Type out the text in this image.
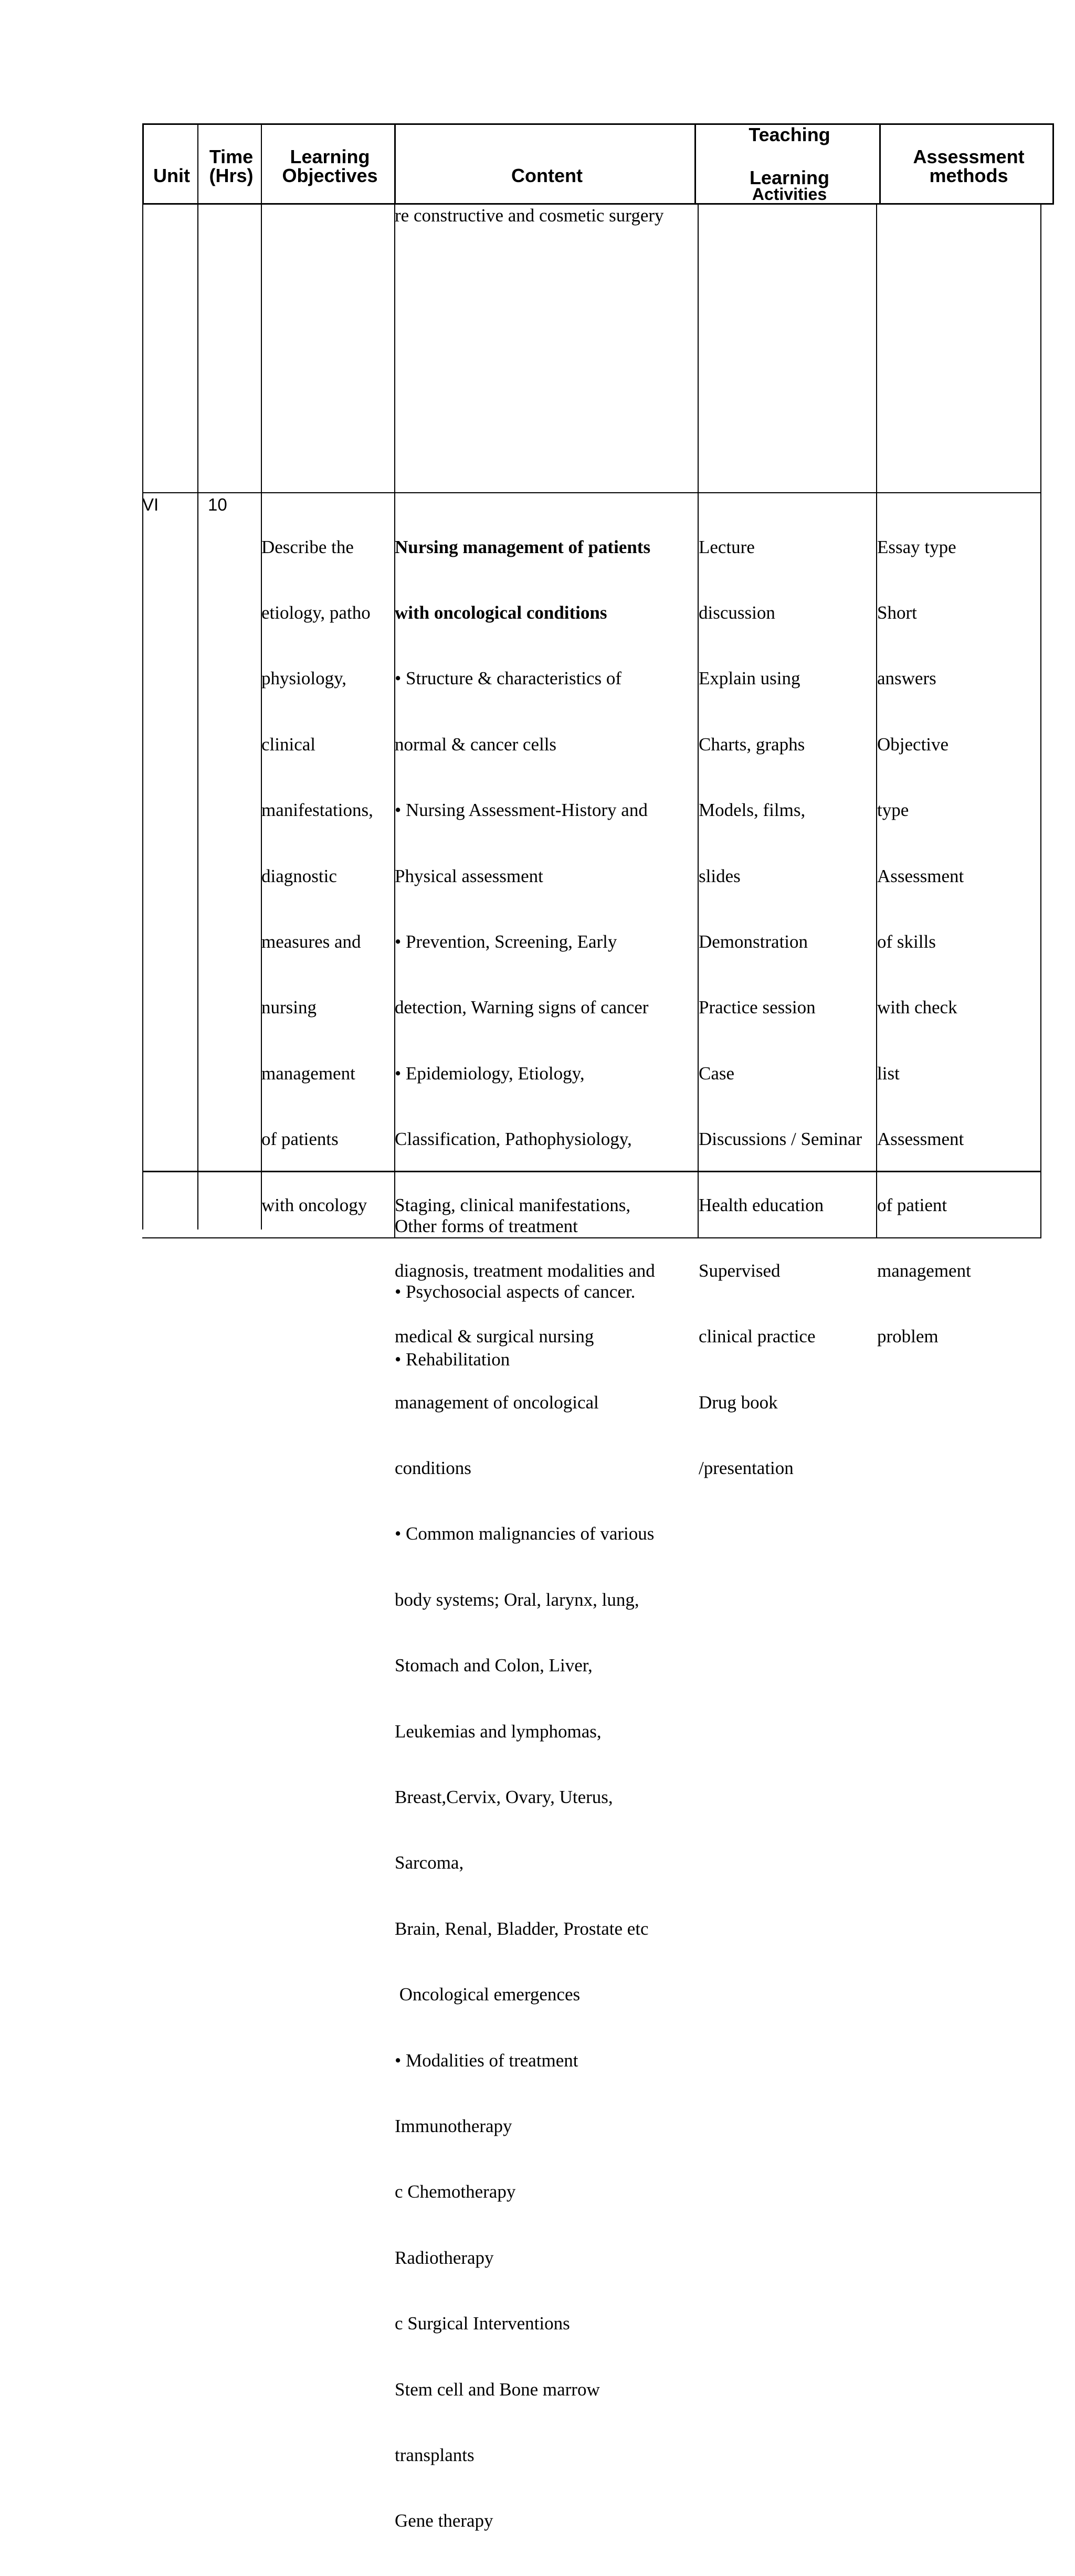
Unit
Time
(Hrs)
Learning
Objectives	Content
Teaching
Learning
Activities
Assessment
methods
re constructive and cosmetic surgery
VI	10

Describe the

etiology, patho

physiology,

clinical

manifestations,

diagnostic

measures and

nursing

management

of patients

with oncology

Nursing management of patients

with oncological conditions

• Structure & characteristics of

normal & cancer cells

• Nursing Assessment-History and

Physical assessment

• Prevention, Screening, Early

detection, Warning signs of cancer

• Epidemiology, Etiology,

Classification, Pathophysiology,

Staging, clinical manifestations,

diagnosis, treatment modalities and

medical & surgical nursing

management of oncological

conditions

• Common malignancies of various

body systems; Oral, larynx, lung,

Stomach and Colon, Liver,

Leukemias and lymphomas,

Breast,Cervix, Ovary, Uterus,

Sarcoma,

Brain, Renal, Bladder, Prostate etc

Oncological emergences

• Modalities of treatment

Immunotherapy

c Chemotherapy

Radiotherapy

c Surgical Interventions

Stem cell and Bone marrow

transplants

Gene therapy

Lecture

discussion

Explain using

Charts, graphs

Models, films,

slides

Demonstration

Practice session

Case

Discussions / Seminar

Health education

Supervised

clinical practice

Drug book

/presentation

Essay type

Short

answers

Objective

type

Assessment

of skills

with check

list

Assessment

of patient

management

problem

Other forms of treatment

• Psychosocial aspects of cancer.

• Rehabilitation
